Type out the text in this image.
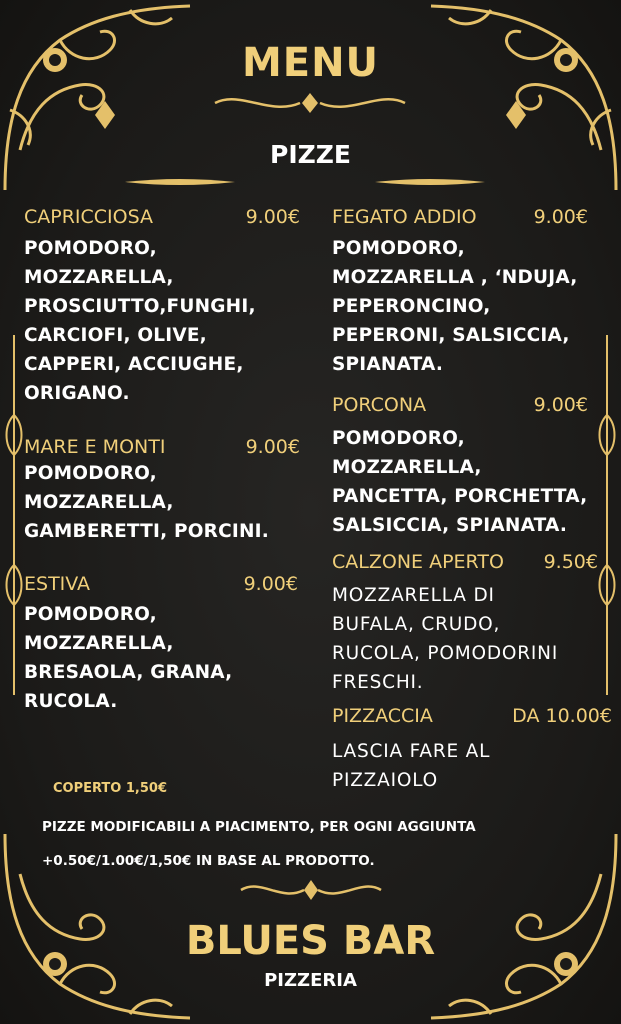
MENU
PIZZE
CAPRICCIOSA	9.00€
POMODORO,
MOZZARELLA,
PROSCIUTTO,FUNGHI,
CARCIOFI, OLIVE,
CAPPERI, ACCIUGHE,
ORIGANO.
MARE E MONTI	9.00€
POMODORO,
MOZZARELLA,
GAMBERETTI, PORCINI.
ESTIVA	9.00€
POMODORO,
MOZZARELLA,
BRESAOLA, GRANA,
RUCOLA.
FEGATO ADDIO	9.00€
POMODORO,
MOZZARELLA , ‘NDUJA,
PEPERONCINO,
PEPERONI, SALSICCIA,
SPIANATA.
PORCONA	9.00€
POMODORO,
MOZZARELLA,
PANCETTA, PORCHETTA,
SALSICCIA, SPIANATA.
CALZONE APERTO 9.50€
MOZZARELLA DI
BUFALA, CRUDO,
RUCOLA, POMODORINI
FRESCHI.
PIZZACCIA	DA 10.00€
LASCIA FARE AL
PIZZAIOLO
COPERTO 1,50€
PIZZE MODIFICABILI A PIACIMENTO, PER OGNI AGGIUNTA
+0.50€/1.00€/1,50€ IN BASE AL PRODOTTO.
BLUES BAR
PIZZERIA
